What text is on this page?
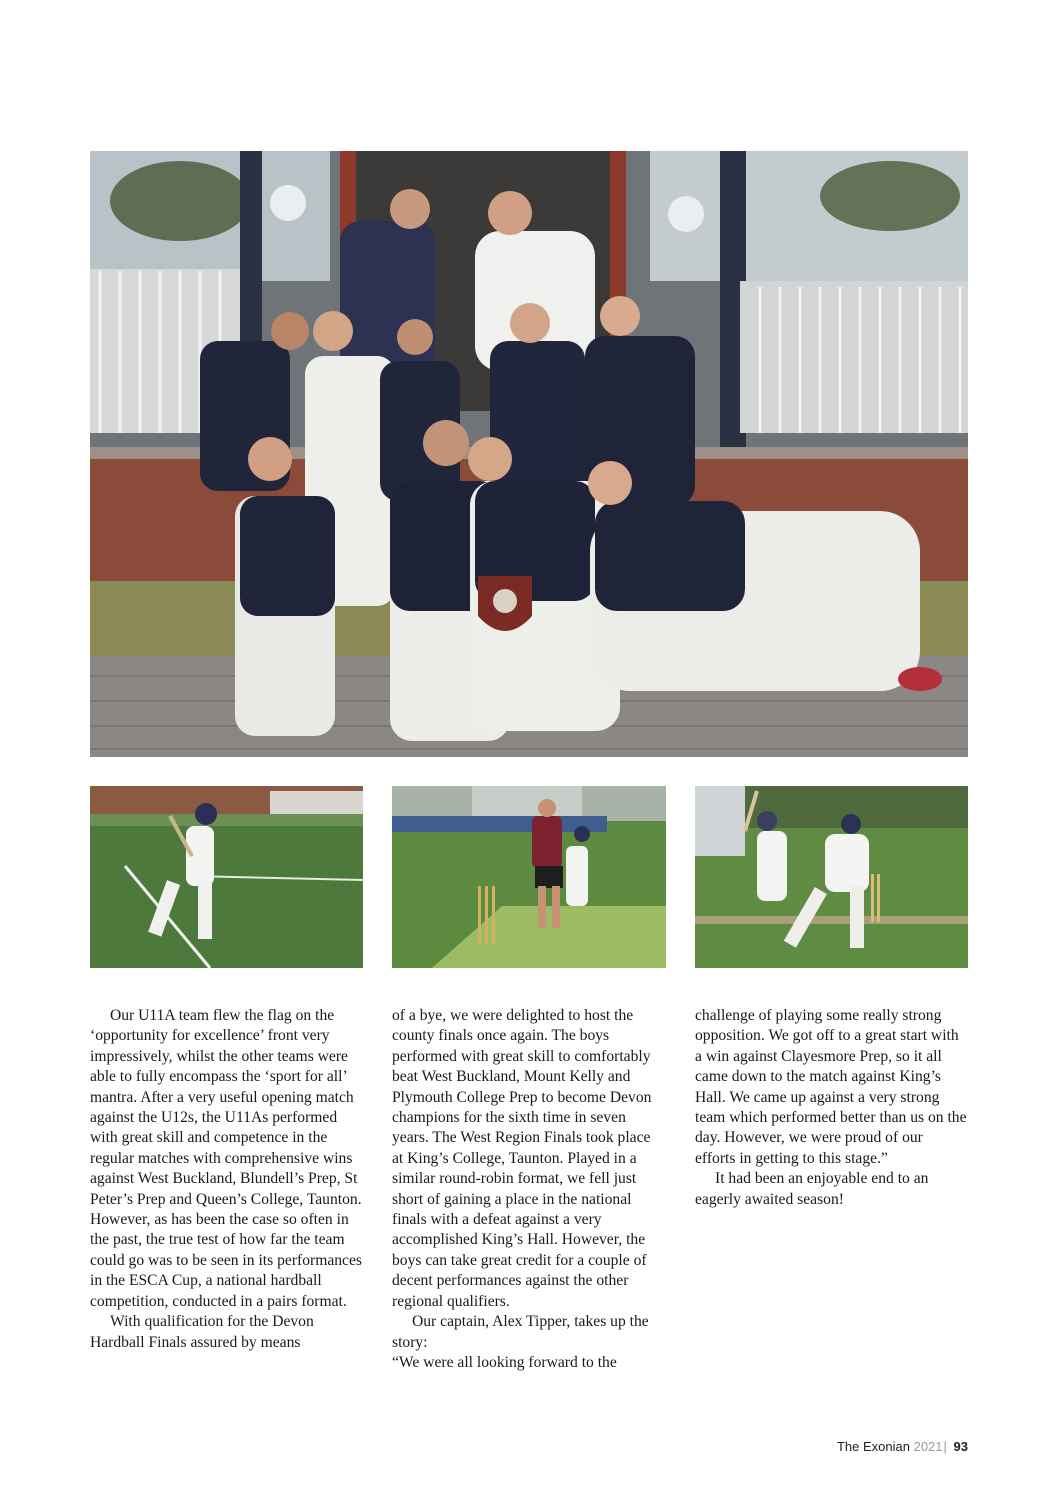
Our U11A team flew the flag on the ‘opportunity for excellence’ front very impressively, whilst the other teams were able to fully encompass the ‘sport for all’ mantra. After a very useful opening match against the U12s, the U11As performed with great skill and competence in the regular matches with comprehensive wins against West Buckland, Blundell’s Prep, St Peter’s Prep and Queen’s College, Taunton. However, as has been the case so often in the past, the true test of how far the team could go was to be seen in its performances in the ESCA Cup, a national hardball competition, conducted in a pairs format.

With qualification for the Devon Hardball Finals assured by means

of a bye, we were delighted to host the county finals once again. The boys performed with great skill to comfortably beat West Buckland, Mount Kelly and Plymouth College Prep to become Devon champions for the sixth time in seven years. The West Region Finals took place at King’s College, Taunton. Played in a similar round-robin format, we fell just short of gaining a place in the national finals with a defeat against a very accomplished King’s Hall. However, the boys can take great credit for a couple of decent performances against the other regional qualifiers.

Our captain, Alex Tipper, takes up the story:

“We were all looking forward to the

challenge of playing some really strong opposition. We got off to a great start with a win against Clayesmore Prep, so it all came down to the match against King’s Hall. We came up against a very strong team which performed better than us on the day. However, we were proud of our efforts in getting to this stage.”

It had been an enjoyable end to an eagerly awaited season!

The Exonian 2021| 93
